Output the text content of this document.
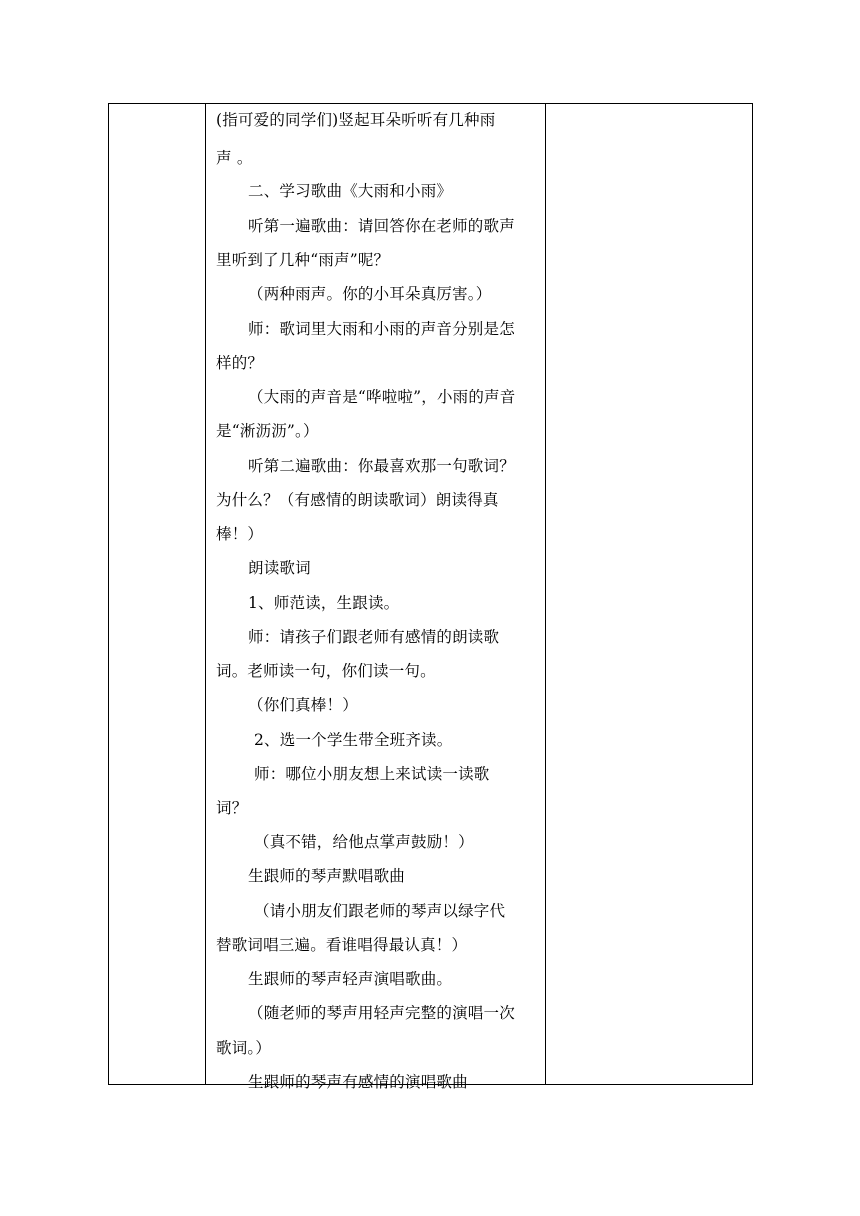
(指可爱的同学们)竖起耳朵听听有几种雨
声 。
二、学习歌曲《大雨和小雨》
听第一遍歌曲：请回答你在老师的歌声
里听到了几种“雨声”呢？
（两种雨声。你的小耳朵真厉害。）
师：歌词里大雨和小雨的声音分别是怎
样的？
（大雨的声音是“哗啦啦”，小雨的声音
是“淅沥沥”。）
听第二遍歌曲：你最喜欢那一句歌词？
为什么？（有感情的朗读歌词）朗读得真
棒！）
朗读歌词
1、师范读，生跟读。
师：请孩子们跟老师有感情的朗读歌
词。老师读一句，你们读一句。
（你们真棒！）
2、选一个学生带全班齐读。
师：哪位小朋友想上来试读一读歌
词？
（真不错，给他点掌声鼓励！）
生跟师的琴声默唱歌曲
（请小朋友们跟老师的琴声以绿字代
替歌词唱三遍。看谁唱得最认真！）
生跟师的琴声轻声演唱歌曲。
（随老师的琴声用轻声完整的演唱一次
歌词。）
生跟师的琴声有感情的演唱歌曲
